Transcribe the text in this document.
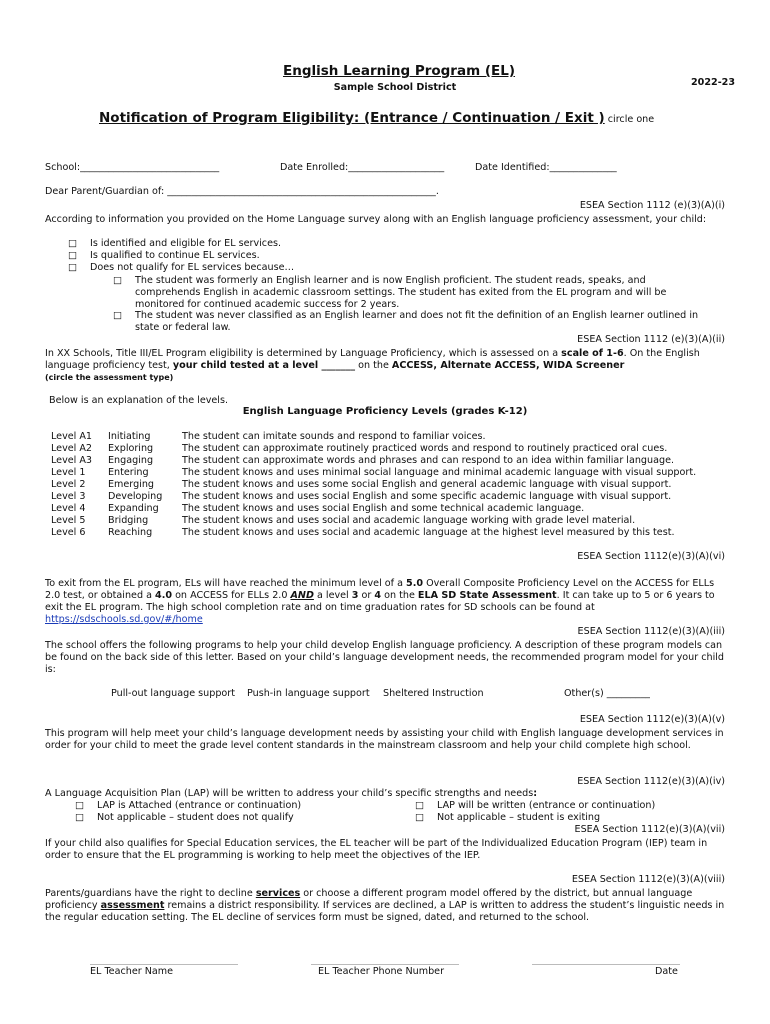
English Learning Program (EL)
Sample School District	2022-23
Notification of Program Eligibility: (Entrance / Continuation / Exit ) circle one
School:_____________________________	Date Enrolled:____________________	Date Identified:______________
Dear Parent/Guardian of: ________________________________________________________.
ESEA Section 1112 (e)(3)(A)(i)
According to information you provided on the Home Language survey along with an English language proficiency assessment, your child:
□ Is identified and eligible for EL services.
□ Is qualified to continue EL services.
□ Does not qualify for EL services because…
□ The student was formerly an English learner and is now English proficient. The student reads, speaks, and comprehends English in academic classroom settings. The student has exited from the EL program and will be monitored for continued academic success for 2 years.
□ The student was never classified as an English learner and does not fit the definition of an English learner outlined in state or federal law.
ESEA Section 1112 (e)(3)(A)(ii)
In XX Schools, Title III/EL Program eligibility is determined by Language Proficiency, which is assessed on a scale of 1-6. On the English language proficiency test, your child tested at a level _______ on the ACCESS, Alternate ACCESS, WIDA Screener
(circle the assessment type)
Below is an explanation of the levels.
English Language Proficiency Levels (grades K-12)
Level A1	Initiating	The student can imitate sounds and respond to familiar voices.
Level A2	Exploring	The student can approximate routinely practiced words and respond to routinely practiced oral cues.
Level A3	Engaging	The student can approximate words and phrases and can respond to an idea within familiar language.
Level 1	Entering	The student knows and uses minimal social language and minimal academic language with visual support.
Level 2	Emerging	The student knows and uses some social English and general academic language with visual support.
Level 3	Developing	The student knows and uses social English and some specific academic language with visual support.
Level 4	Expanding	The student knows and uses social English and some technical academic language.
Level 5	Bridging	The student knows and uses social and academic language working with grade level material.
Level 6	Reaching	The student knows and uses social and academic language at the highest level measured by this test.
ESEA Section 1112(e)(3)(A)(vi)
To exit from the EL program, ELs will have reached the minimum level of a 5.0 Overall Composite Proficiency Level on the ACCESS for ELLs 2.0 test, or obtained a 4.0 on ACCESS for ELLs 2.0 AND a level 3 or 4 on the ELA SD State Assessment. It can take up to 5 or 6 years to exit the EL program. The high school completion rate and on time graduation rates for SD schools can be found at https://sdschools.sd.gov/#/home
ESEA Section 1112(e)(3)(A)(iii)
The school offers the following programs to help your child develop English language proficiency. A description of these program models can be found on the back side of this letter. Based on your child’s language development needs, the recommended program model for your child is:
Pull-out language support Push-in language support Sheltered Instruction	Other(s) _________
ESEA Section 1112(e)(3)(A)(v)
This program will help meet your child’s language development needs by assisting your child with English language development services in order for your child to meet the grade level content standards in the mainstream classroom and help your child complete high school.
ESEA Section 1112(e)(3)(A)(iv)
A Language Acquisition Plan (LAP) will be written to address your child’s specific strengths and needs:
□ LAP is Attached (entrance or continuation)	□ LAP will be written (entrance or continuation)
□ Not applicable – student does not qualify	□ Not applicable – student is exiting
ESEA Section 1112(e)(3)(A)(vii)
If your child also qualifies for Special Education services, the EL teacher will be part of the Individualized Education Program (IEP) team in order to ensure that the EL programming is working to help meet the objectives of the IEP.
ESEA Section 1112(e)(3)(A)(viii)
Parents/guardians have the right to decline services or choose a different program model offered by the district, but annual language proficiency assessment remains a district responsibility. If services are declined, a LAP is written to address the student’s linguistic needs in the regular education setting. The EL decline of services form must be signed, dated, and returned to the school.
EL Teacher Name	EL Teacher Phone Number	Date
